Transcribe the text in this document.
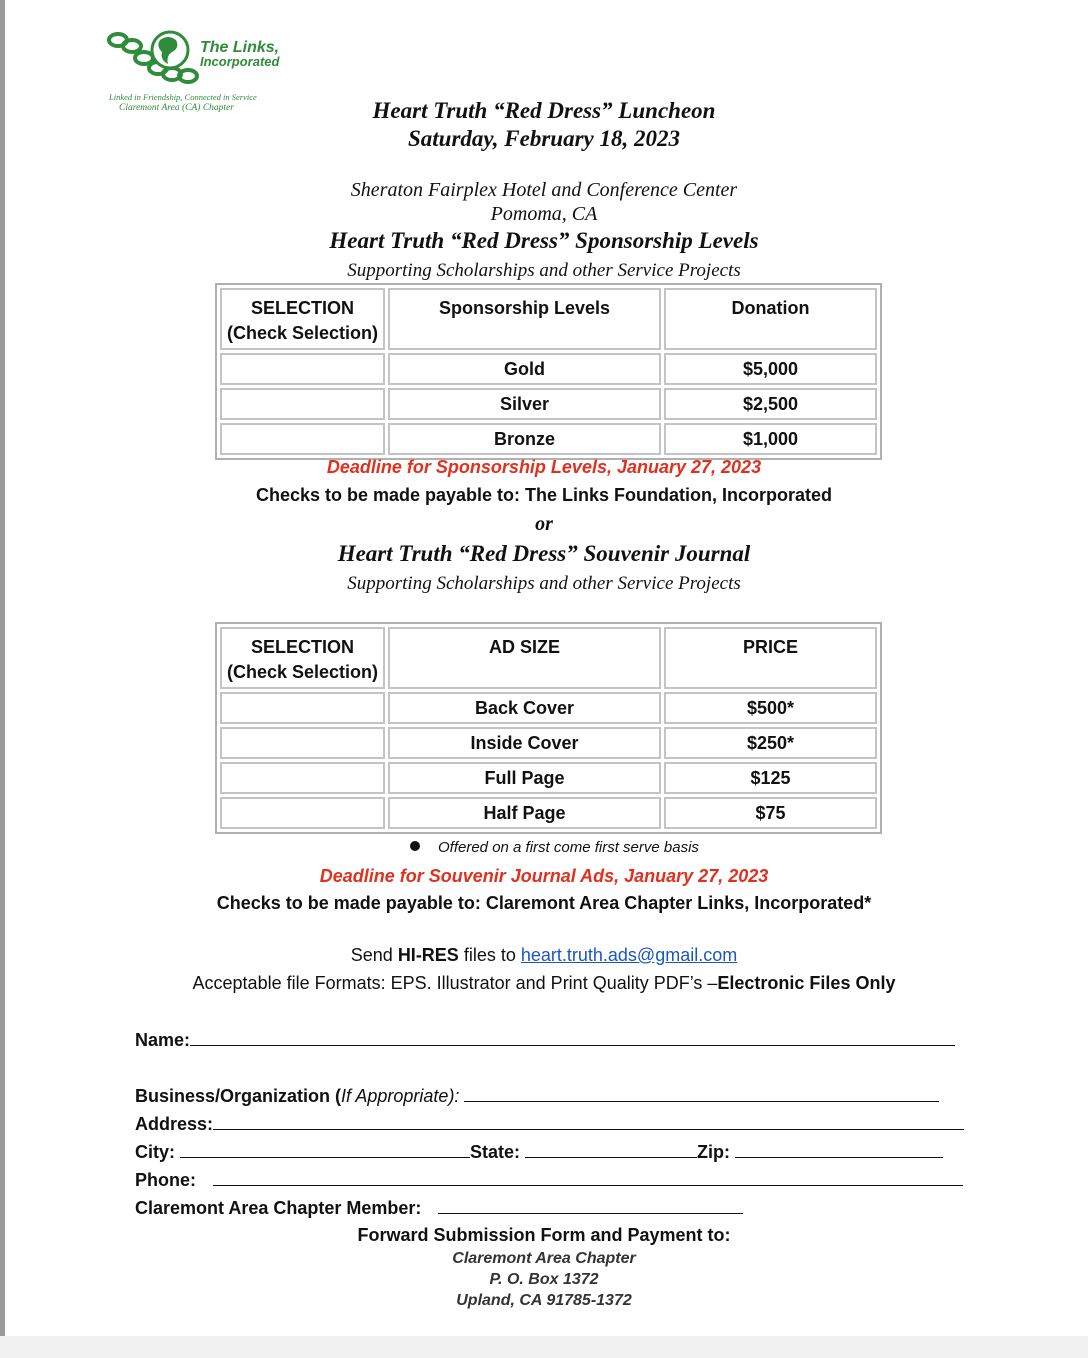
The Links,
Incorporated
Linked in Friendship, Connected in Service
Claremont Area (CA) Chapter	Heart Truth “Red Dress” Luncheon
Saturday, February 18, 2023
Sheraton Fairplex Hotel and Conference Center
Pomoma, CA
Heart Truth “Red Dress” Sponsorship Levels
Supporting Scholarships and other Service Projects
SELECTION
(Check Selection)	Sponsorship Levels	Donation
	Gold	$5,000
	Silver	$2,500
	Bronze	$1,000
Deadline for Sponsorship Levels, January 27, 2023
Checks to be made payable to: The Links Foundation, Incorporated
or
Heart Truth “Red Dress” Souvenir Journal
Supporting Scholarships and other Service Projects
SELECTION
(Check Selection)	AD SIZE	PRICE
	Back Cover	$500*
	Inside Cover	$250*
	Full Page	$125
	Half Page	$75
Offered on a first come first serve basis
Deadline for Souvenir Journal Ads, January 27, 2023
Checks to be made payable to: Claremont Area Chapter Links, Incorporated*
Send HI-RES files to heart.truth.ads@gmail.com
Acceptable file Formats: EPS. Illustrator and Print Quality PDF’s –Electronic Files Only
Name:
Business/Organization (If Appropriate):
Address:
City:	State:	Zip:
Phone:
Claremont Area Chapter Member:
Forward Submission Form and Payment to:
Claremont Area Chapter
P. O. Box 1372
Upland, CA 91785-1372
